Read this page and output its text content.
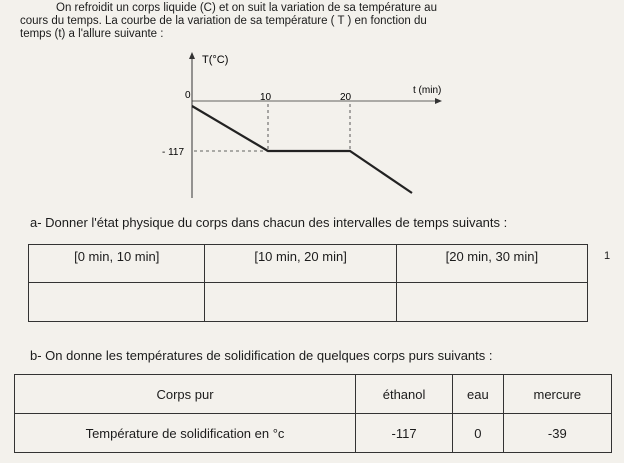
On refroidit un corps liquide (C) et on suit la variation de sa température au
cours du temps. La courbe de la variation de sa température ( T ) en fonction du
temps (t) a l'allure suivante :

T(°C)
t (min)
0	10	20
- 117

a- Donner l'état physique du corps dans chacun des intervalles de temps suivants :

1
[0 min, 10 min]	[10 min, 20 min]	[20 min, 30 min]

b- On donne les températures de solidification de quelques corps purs suivants :

Corps pur	éthanol	eau	mercure
Température de solidification en °c	-117	0	-39
